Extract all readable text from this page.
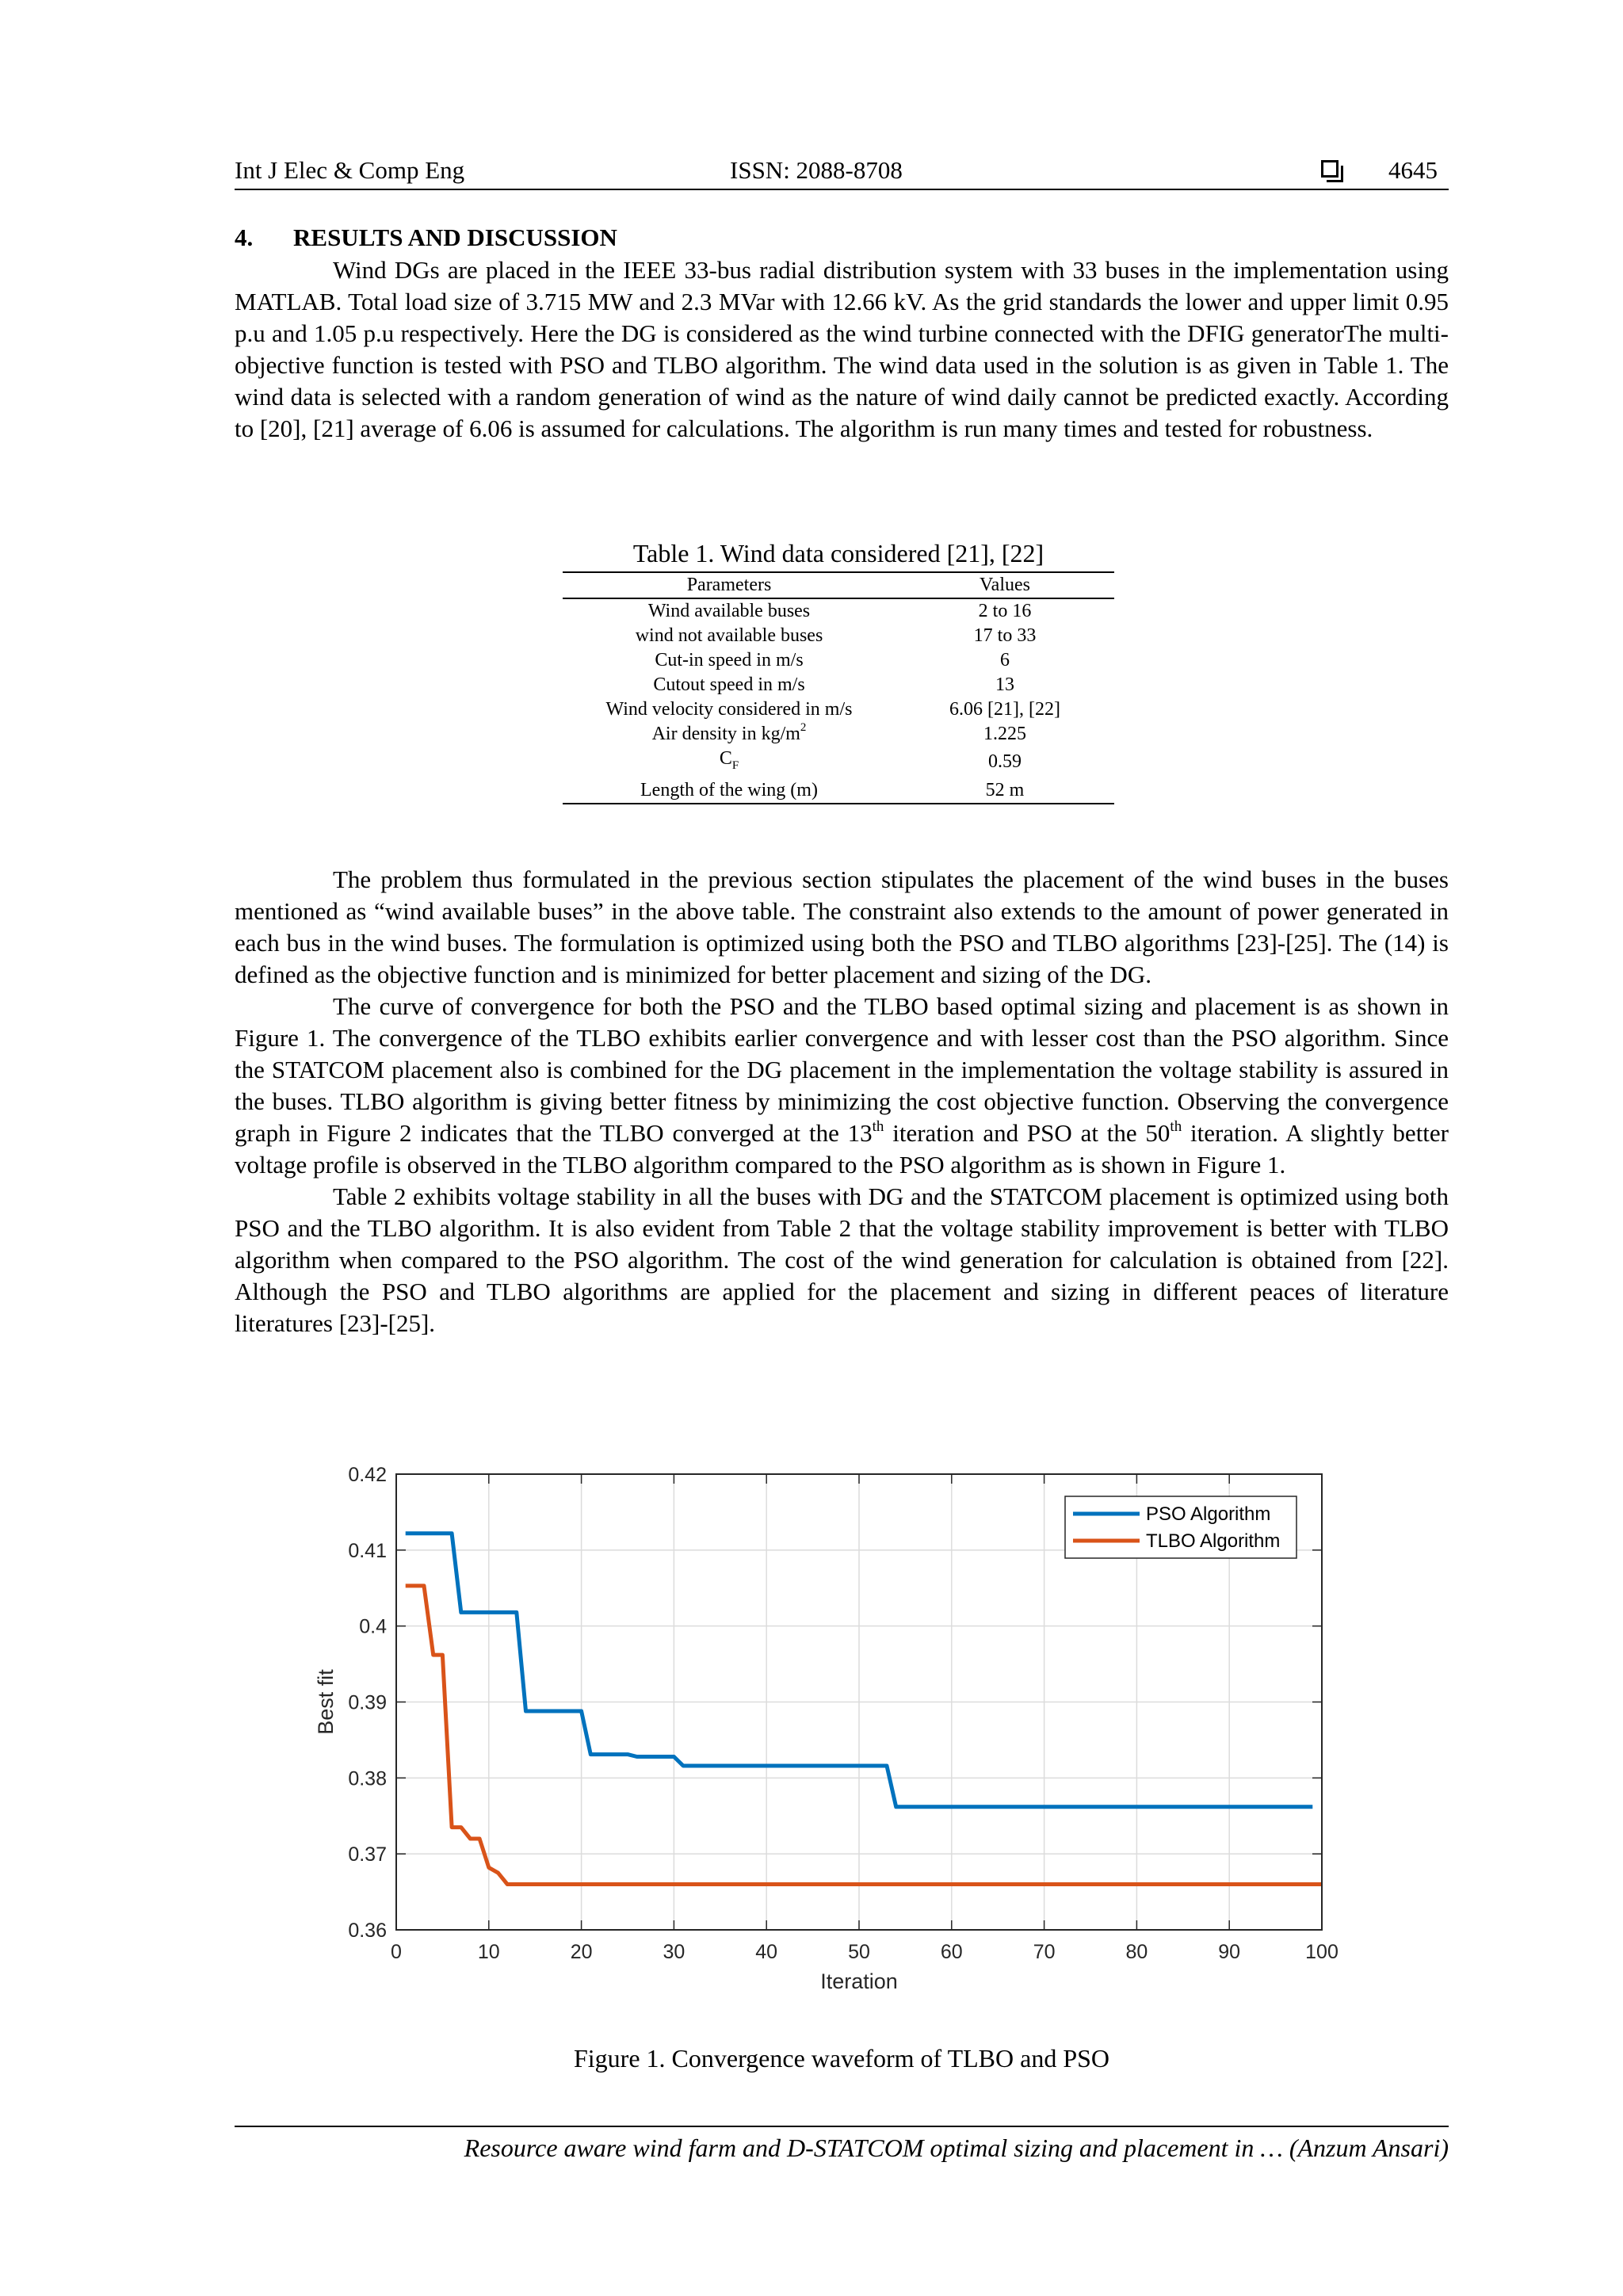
Int J Elec & Comp Eng	ISSN: 2088-8708	4645
4. RESULTS AND DISCUSSION

Wind DGs are placed in the IEEE 33-bus radial distribution system with 33 buses in the implementation using MATLAB. Total load size of 3.715 MW and 2.3 MVar with 12.66 kV. As the grid standards the lower and upper limit 0.95 p.u and 1.05 p.u respectively. Here the DG is considered as the wind turbine connected with the DFIG generatorThe multi-objective function is tested with PSO and TLBO algorithm. The wind data used in the solution is as given in Table 1. The wind data is selected with a random generation of wind as the nature of wind daily cannot be predicted exactly. According to [20], [21] average of 6.06 is assumed for calculations. The algorithm is run many times and tested for robustness.

Table 1. Wind data considered [21], [22]
Parameters	Values
Wind available buses	2 to 16
wind not available buses	17 to 33
Cut-in speed in m/s	6
Cutout speed in m/s	13
Wind velocity considered in m/s	6.06 [21], [22]
Air density in $kg/m^2$	1.225
$C_F$	0.59
Length of the wing (m)	52 m

The problem thus formulated in the previous section stipulates the placement of the wind buses in the buses mentioned as “wind available buses” in the above table. The constraint also extends to the amount of power generated in each bus in the wind buses. The formulation is optimized using both the PSO and TLBO algorithms [23]-[25]. The (14) is defined as the objective function and is minimized for better placement and sizing of the DG.

The curve of convergence for both the PSO and the TLBO based optimal sizing and placement is as shown in Figure 1. The convergence of the TLBO exhibits earlier convergence and with lesser cost than the PSO algorithm. Since the STATCOM placement also is combined for the DG placement in the implementation the voltage stability is assured in the buses. TLBO algorithm is giving better fitness by minimizing the cost objective function. Observing the convergence graph in Figure 2 indicates that the TLBO converged at the 13th iteration and PSO at the 50th iteration. A slightly better voltage profile is observed in the TLBO algorithm compared to the PSO algorithm as is shown in Figure 1.

Table 2 exhibits voltage stability in all the buses with DG and the STATCOM placement is optimized using both PSO and the TLBO algorithm. It is also evident from Table 2 that the voltage stability improvement is better with TLBO algorithm when compared to the PSO algorithm. The cost of the wind generation for calculation is obtained from [22]. Although the PSO and TLBO algorithms are applied for the placement and sizing in different peaces of literature literatures [23]-[25].

0	10	20	30	40	50	60	70	80	90	100
0.36
0.37
0.38
0.39
0.4
0.41
0.42
Iteration
Best fit
PSO Algorithm
TLBO Algorithm
Figure 1. Convergence waveform of TLBO and PSO
Resource aware wind farm and D-STATCOM optimal sizing and placement in … (Anzum Ansari)
